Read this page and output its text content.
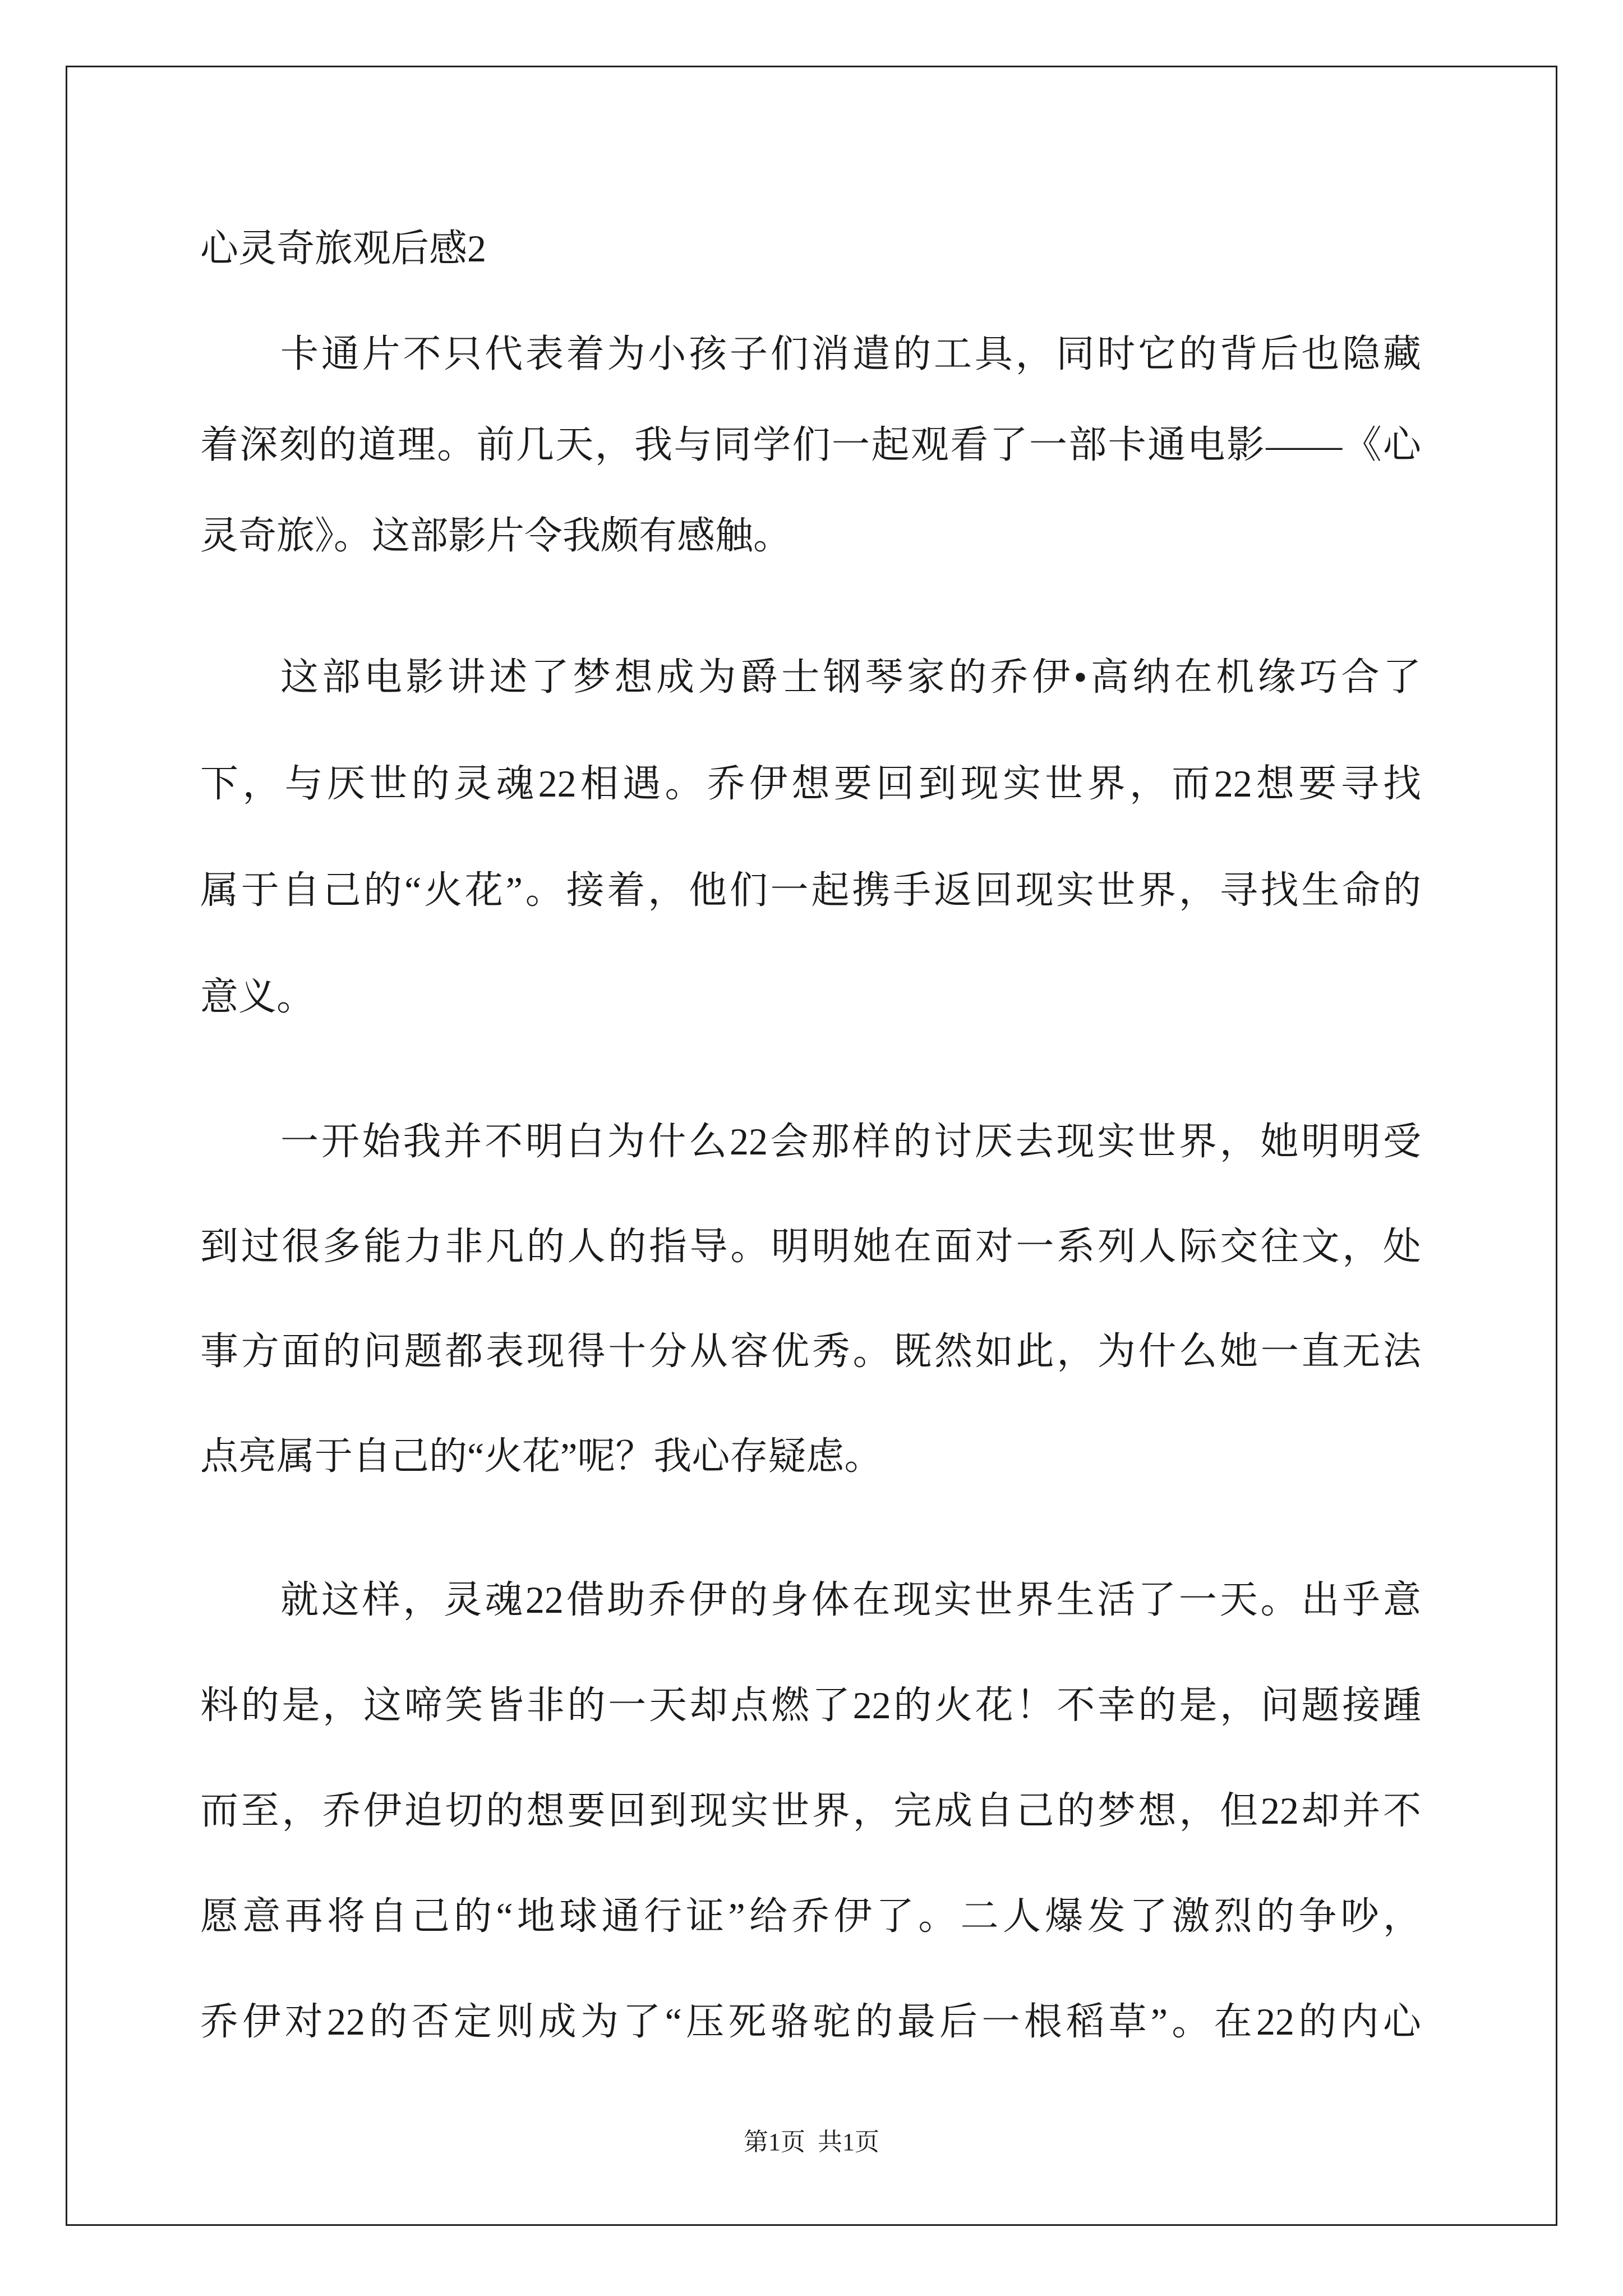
心灵奇旅观后感2
卡通片不只代表着为小孩子们消遣的工具，同时它的背后也隐藏
着深刻的道理。前几天，我与同学们一起观看了一部卡通电影——《心
灵奇旅》。这部影片令我颇有感触。
这部电影讲述了梦想成为爵士钢琴家的乔伊•高纳在机缘巧合了
下，与厌世的灵魂22相遇。乔伊想要回到现实世界，而22想要寻找
属于自己的“火花”。接着，他们一起携手返回现实世界，寻找生命的
意义。
一开始我并不明白为什么22会那样的讨厌去现实世界，她明明受
到过很多能力非凡的人的指导。明明她在面对一系列人际交往文，处
事方面的问题都表现得十分从容优秀。既然如此，为什么她一直无法
点亮属于自己的“火花”呢？我心存疑虑。
就这样，灵魂22借助乔伊的身体在现实世界生活了一天。出乎意
料的是，这啼笑皆非的一天却点燃了22的火花！不幸的是，问题接踵
而至，乔伊迫切的想要回到现实世界，完成自己的梦想，但22却并不
愿意再将自己的“地球通行证”给乔伊了。二人爆发了激烈的争吵，
乔伊对22的否定则成为了“压死骆驼的最后一根稻草”。在22的内心
第1页  共1页
